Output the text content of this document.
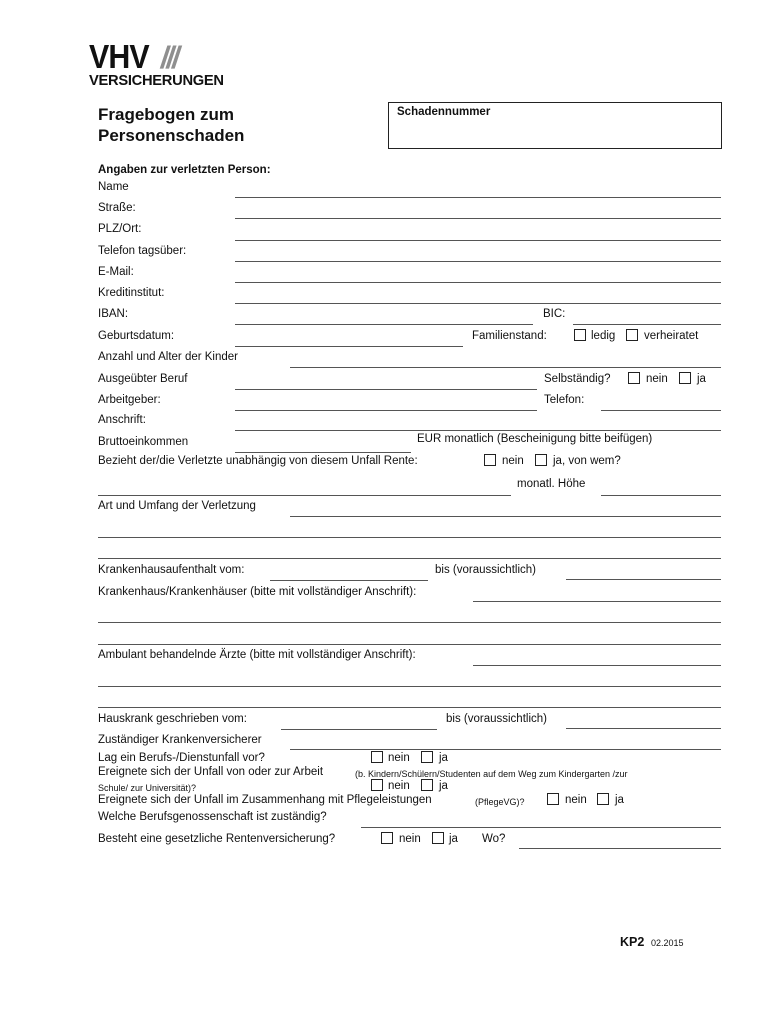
VHV ///
VERSICHERUNGEN
Fragebogen zum
Personenschaden
Schadennummer
Angaben zur verletzten Person:
Name
Straße:
PLZ/Ort:
Telefon tagsüber:
E-Mail:
Kreditinstitut:
IBAN:	BIC:
Geburtsdatum:	Familienstand:	ledig verheiratet
Anzahl und Alter der Kinder
Ausgeübter Beruf	Selbständig?	nein	ja
Arbeitgeber:	Telefon:
Anschrift:
Bruttoeinkommen	EUR monatlich (Bescheinigung bitte beifügen)
Bezieht der/die Verletzte unabhängig von diesem Unfall Rente:	nein	ja, von wem?
monatl. Höhe
Art und Umfang der Verletzung
Krankenhausaufenthalt vom:	bis (voraussichtlich)
Krankenhaus/Krankenhäuser (bitte mit vollständiger Anschrift):
Ambulant behandelnde Ärzte (bitte mit vollständiger Anschrift):
Hauskrank geschrieben vom:	bis (voraussichtlich)
Zuständiger Krankenversicherer
Lag ein Berufs-/Dienstunfall vor?	nein	ja
Ereignete sich der Unfall von oder zur Arbeit	(b. Kindern/Schülern/Studenten auf dem Weg zum Kindergarten /zur
Schule/ zur Universität)?	nein	ja
Ereignete sich der Unfall im Zusammenhang mit Pflegeleistungen	(PflegeVG)?	nein ja
Welche Berufsgenossenschaft ist zuständig?
Besteht eine gesetzliche Rentenversicherung?	nein ja Wo?
KP2 02.2015
